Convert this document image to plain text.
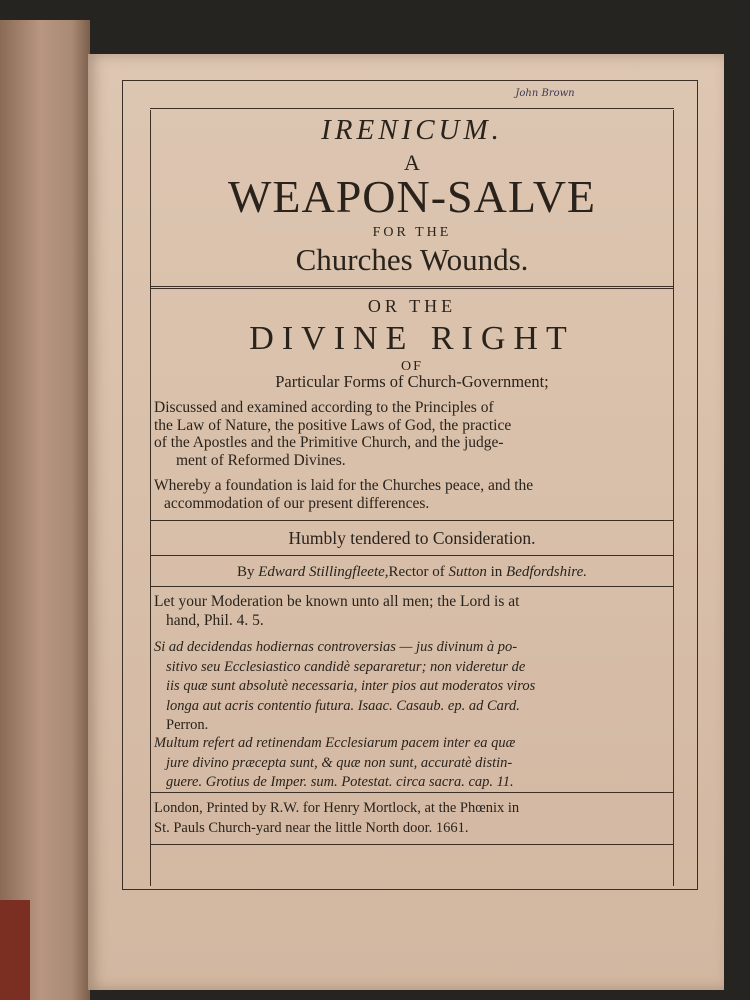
John Brown
IRENICUM.
A
WEAPON-SALVE
FOR THE
Churches Wounds.
OR THE
DIVINE RIGHT
OF
Particular Forms of Church-Government;
Discussed and examined according to the Principles of
the Law of Nature, the positive Laws of God, the practice
of the Apostles and the Primitive Church, and the judge-
ment of Reformed Divines.
Whereby a foundation is laid for the Churches peace, and the
accommodation of our present differences.
Humbly tendered to Consideration.
By Edward Stillingfleete,Rector of Sutton in Bedfordshire.
Let your Moderation be known unto all men; the Lord is at
hand, Phil. 4. 5.
Si ad decidendas hodiernas controversias — jus divinum à po-
sitivo seu Ecclesiastico candidè separaretur; non videretur de
iis quæ sunt absolutè necessaria, inter pios aut moderatos viros
longa aut acris contentio futura. Isaac. Casaub. ep. ad Card.
Perron.
Multum refert ad retinendam Ecclesiarum pacem inter ea quæ
jure divino præcepta sunt, & quæ non sunt, accuratè distin-
guere. Grotius de Imper. sum. Potestat. circa sacra. cap. 11.
London, Printed by R.W. for Henry Mortlock, at the Phœnix in
St. Pauls Church-yard near the little North door. 1661.
